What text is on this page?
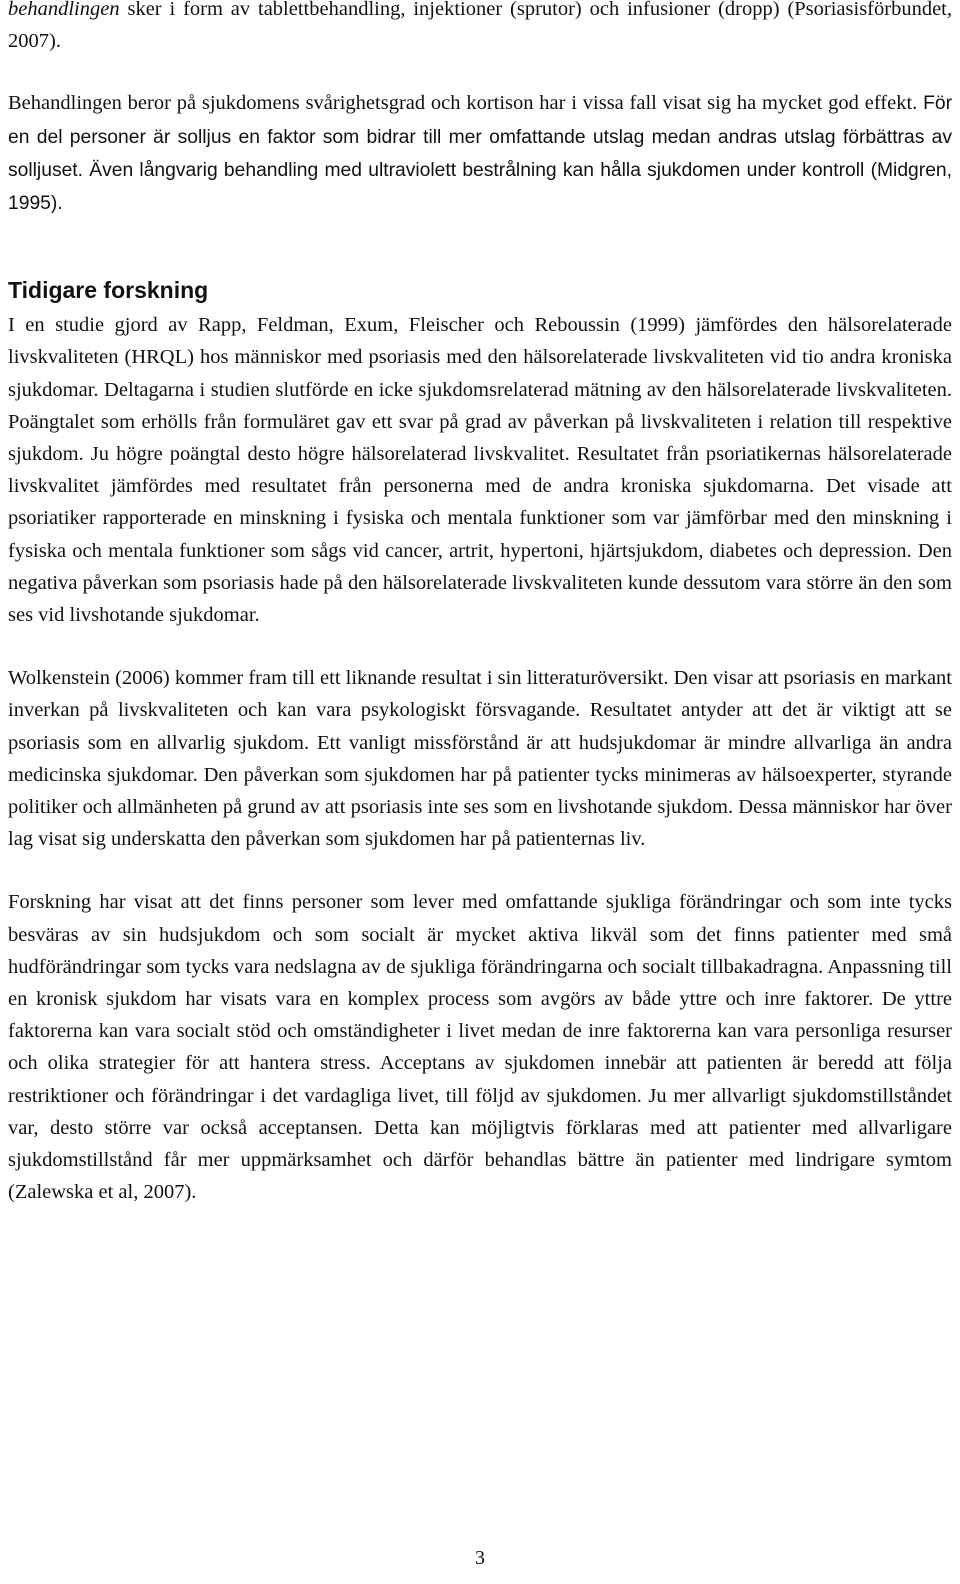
behandlingen sker i form av tablettbehandling, injektioner (sprutor) och infusioner (dropp) (Psoriasisförbundet, 2007).

Behandlingen beror på sjukdomens svårighetsgrad och kortison har i vissa fall visat sig ha mycket god effekt. För en del personer är solljus en faktor som bidrar till mer omfattande utslag medan andras utslag förbättras av solljuset. Även långvarig behandling med ultraviolett bestrålning kan hålla sjukdomen under kontroll (Midgren, 1995).

Tidigare forskning

I en studie gjord av Rapp, Feldman, Exum, Fleischer och Reboussin (1999) jämfördes den hälsorelaterade livskvaliteten (HRQL) hos människor med psoriasis med den hälsorelaterade livskvaliteten vid tio andra kroniska sjukdomar. Deltagarna i studien slutförde en icke sjukdomsrelaterad mätning av den hälsorelaterade livskvaliteten. Poängtalet som erhölls från formuläret gav ett svar på grad av påverkan på livskvaliteten i relation till respektive sjukdom. Ju högre poängtal desto högre hälsorelaterad livskvalitet. Resultatet från psoriatikernas hälsorelaterade livskvalitet jämfördes med resultatet från personerna med de andra kroniska sjukdomarna. Det visade att psoriatiker rapporterade en minskning i fysiska och mentala funktioner som var jämförbar med den minskning i fysiska och mentala funktioner som sågs vid cancer, artrit, hypertoni, hjärtsjukdom, diabetes och depression. Den negativa påverkan som psoriasis hade på den hälsorelaterade livskvaliteten kunde dessutom vara större än den som ses vid livshotande sjukdomar.

Wolkenstein (2006) kommer fram till ett liknande resultat i sin litteraturöversikt. Den visar att psoriasis en markant inverkan på livskvaliteten och kan vara psykologiskt försvagande. Resultatet antyder att det är viktigt att se psoriasis som en allvarlig sjukdom. Ett vanligt missförstånd är att hudsjukdomar är mindre allvarliga än andra medicinska sjukdomar. Den påverkan som sjukdomen har på patienter tycks minimeras av hälsoexperter, styrande politiker och allmänheten på grund av att psoriasis inte ses som en livshotande sjukdom. Dessa människor har över lag visat sig underskatta den påverkan som sjukdomen har på patienternas liv.

Forskning har visat att det finns personer som lever med omfattande sjukliga förändringar och som inte tycks besväras av sin hudsjukdom och som socialt är mycket aktiva likväl som det finns patienter med små hudförändringar som tycks vara nedslagna av de sjukliga förändringarna och socialt tillbakadragna. Anpassning till en kronisk sjukdom har visats vara en komplex process som avgörs av både yttre och inre faktorer. De yttre faktorerna kan vara socialt stöd och omständigheter i livet medan de inre faktorerna kan vara personliga resurser och olika strategier för att hantera stress. Acceptans av sjukdomen innebär att patienten är beredd att följa restriktioner och förändringar i det vardagliga livet, till följd av sjukdomen. Ju mer allvarligt sjukdomstillståndet var, desto större var också acceptansen. Detta kan möjligtvis förklaras med att patienter med allvarligare sjukdomstillstånd får mer uppmärksamhet och därför behandlas bättre än patienter med lindrigare symtom (Zalewska et al, 2007).

3
